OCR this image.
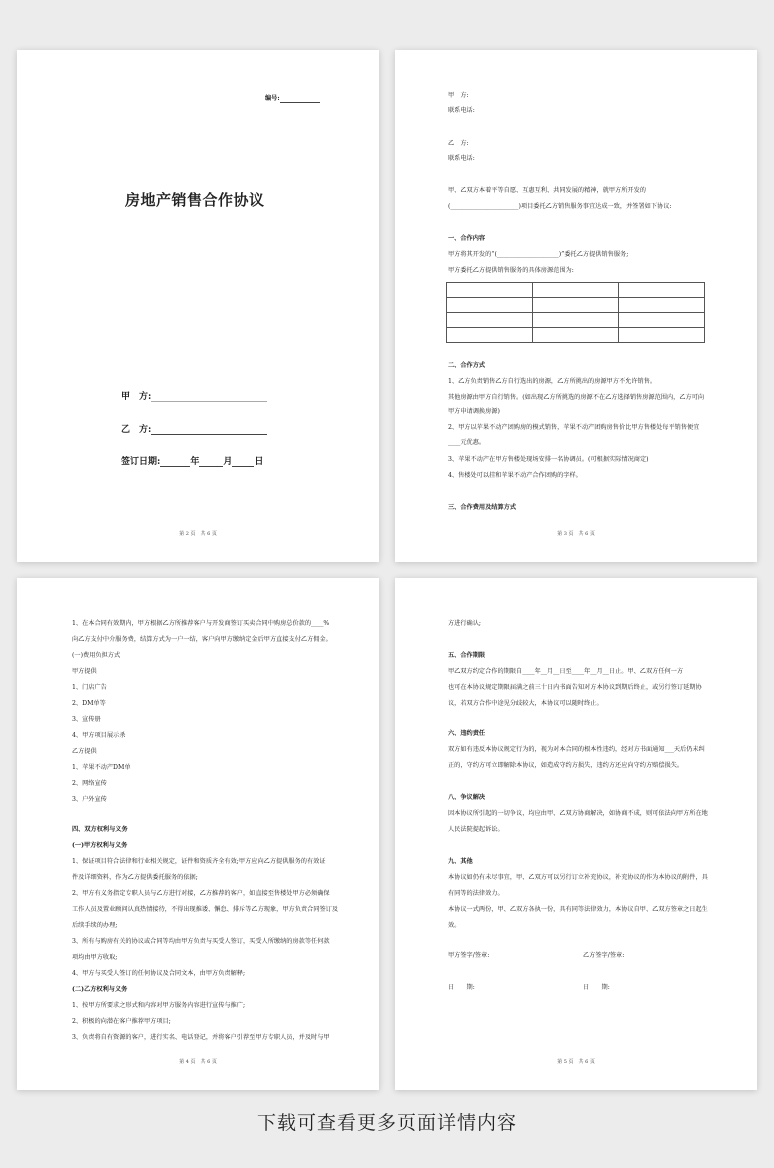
编号:
房地产销售合作协议
甲　方:
乙　方:
签订日期:	年	月 日
第 2 页　共 6 页
甲　方:
联系电话:
乙　方:
联系电话:
甲、乙双方本着平等自愿、互惠互利、共同发展的精神，就甲方所开发的
(______________________)项目委托乙方销售服务事宜达成一致，并签署如下协议:
一、合作内容
甲方将其开发的“(____________________)”委托乙方提供销售服务;
甲方委托乙方提供销售服务的具体房源范围为:

二、合作方式
1、乙方负责销售乙方自行选出的房源，乙方所挑出的房源甲方不允许销售。
其他房源由甲方自行销售。(如出现乙方所挑选的房源不在乙方选择销售房源范围内，乙方可向
甲方申请调换房源)
2、甲方以苹果不动产团购房的模式销售，苹果不动产团购房售价比甲方售楼处每平销售便宜
____元优惠。
3、苹果不动产在甲方售楼处现场安排一名协调员。(可根据实际情况商定)
4、售楼处可以挂和苹果不动产合作团购的字样。
三、合作费用及结算方式
第 3 页　共 6 页
1、在本合同有效期内，甲方根据乙方所推荐客户与开发商签订买卖合同中购房总价款的____%
向乙方支付中介服务费，结算方式为一户一结，客户向甲方缴纳定金后甲方直接支付乙方佣金。
(一)费用负担方式
甲方提供
1、门店广告
2、DM单等
3、宣传册
4、甲方项目展示杀
乙方提供
1、苹果不动产DM单
2、网络宣传
3、户外宣传
四、双方权利与义务
(一)甲方权利与义务
1、保证项目符合法律和行业相关规定，证件和资质齐全有效;甲方应向乙方提供服务的有效证
件及详细资料，作为乙方提供委托服务的依据;
2、甲方有义务指定专职人员与乙方进行对接，乙方推荐的客户，如直接至售楼处甲方必须确保
工作人员及置业顾问认真热情接待，不得出现推诿、懈怠、排斥等乙方现象，甲方负责合同签订及
后续手续的办理;
3、所有与购房有关的协议或合同等均由甲方负责与买受人签订，买受人所缴纳的房款等任何款
项均由甲方收取;
4、甲方与买受人签订的任何协议及合同文本，由甲方负责解释;
(二)乙方权利与义务
1、按甲方所要求之形式和内容对甲方服务内容进行宣传与推广;
2、积极的向潜在客户推荐甲方项目;
3、负责将自有资源的客户，进行实名、电话登记，并将客户引荐至甲方专职人员，并及时与甲
第 4 页　共 6 页
方进行确认;
五、合作期限
甲乙双方约定合作的期限自____年__月__日至____年__月__日止。甲、乙双方任何一方
也可在本协议规定期限届满之前三十日内书面告知对方本协议到期后终止，或另行签订延期协
议，若双方合作中途见分歧较大，本协议可以随时终止。
六、违约责任
双方如有违反本协议规定行为的，视为对本合同的根本性违约，经对方书面通知___天后仍未纠
正的，守约方可立即解除本协议，如造成守约方损失，违约方还应向守约方赔偿损失。
八、争议解决
因本协议所引起的一切争议，均应由甲、乙双方协商解决，如协商不成，则可依法向甲方所在地
人民法院提起诉讼。
九、其他
本协议如仍有未尽事宜，甲、乙双方可以另行订立补充协议，补充协议的作为本协议的附件，具
有同等的法律效力。
本协议一式两份，甲、乙双方各执一份，具有同等法律效力，本协议自甲、乙双方签章之日起生
效。
甲方签字/签章:	乙方签字/签章:
日　　期:	日　　期:
第 5 页　共 6 页
下载可查看更多页面详情内容
